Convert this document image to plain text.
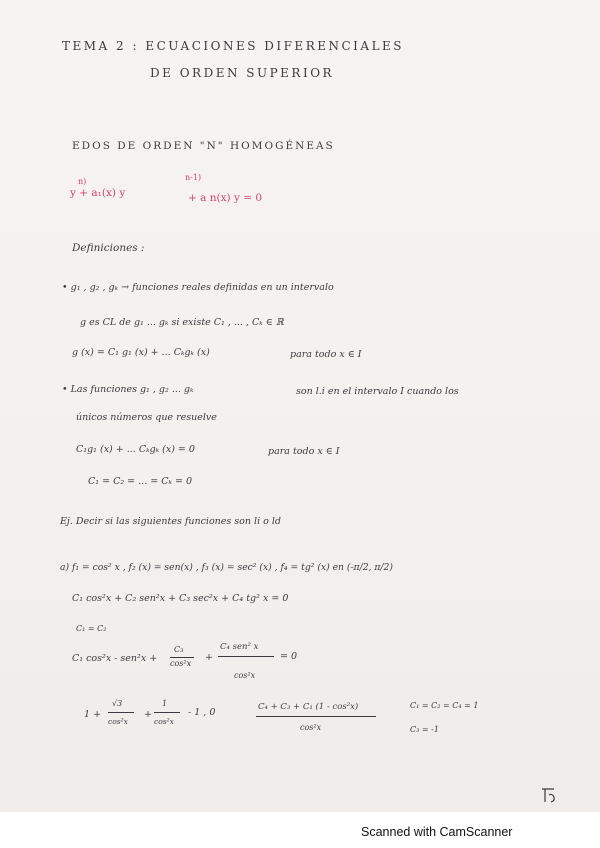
TEMA 2 : ECUACIONES DIFERENCIALES
DE ORDEN SUPERIOR
EDOS DE ORDEN "N" HOMOGÉNEAS
n)	n-1)
y + a₁(x) y	+ a n(x) y = 0
Definiciones :
• g₁ , g₂ , gₖ → funciones reales definidas en un intervalo
g es CL de g₁ ... gₖ si existe C₁ , ... , Cₖ ∈ ℝ
g (x) = C₁ g₁ (x) + ... Cₖgₖ (x)	para todo x ∈ I
• Las funciones g₁ , g₂ ... gₖ	son l.i en el intervalo I cuando los
únicos números que resuelve
C₁g₁ (x) + ... Cₖgₖ (x) = 0	para todo x ∈ I
C₁ = C₂ = ... = Cₖ = 0
Ej. Decir si las siguientes funciones son li o ld
a) f₁ = cos² x , f₂ (x) = sen(x) , f₃ (x) = sec² (x) , f₄ = tg² (x) en (-π/2, π/2)
C₁ cos²x + C₂ sen²x + C₃ sec²x + C₄ tg² x = 0
C₁ = C₂
C₁ cos²x - sen²x +
C₃
cos²x
+
C₄ sen² x
cos²x
= 0
1 +
√3
cos²x
+
1
cos²x
- 1 , 0	C₄ + C₃ + C₁ (1 - cos²x)
cos²x
C₁ = C₂ = C₄ = 1
C₃ = -1
Scanned with CamScanner
